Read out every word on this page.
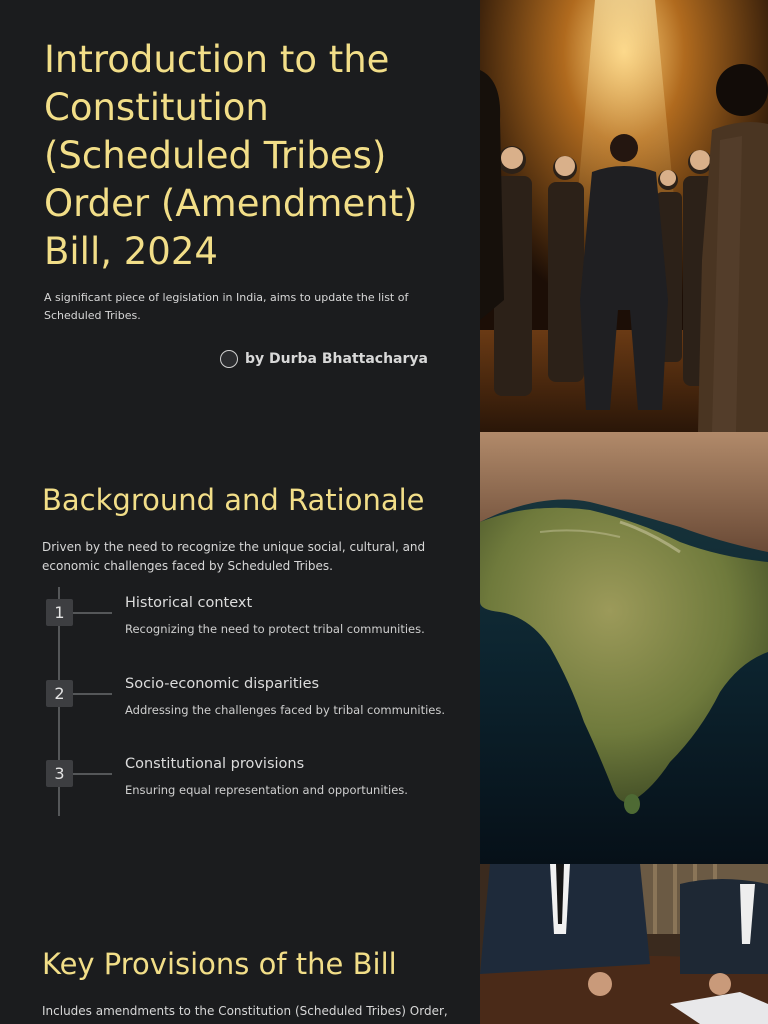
Introduction to the Constitution (Scheduled Tribes) Order (Amendment) Bill, 2024

A significant piece of legislation in India, aims to update the list of Scheduled Tribes.

by Durba Bhattacharya
Background and Rationale

Driven by the need to recognize the unique social, cultural, and economic challenges faced by Scheduled Tribes.

1	Historical context
Recognizing the need to protect tribal communities.
2	Socio-economic disparities
Addressing the challenges faced by tribal communities.
3	Constitutional provisions
Ensuring equal representation and opportunities.
Key Provisions of the Bill

Includes amendments to the Constitution (Scheduled Tribes) Order,
